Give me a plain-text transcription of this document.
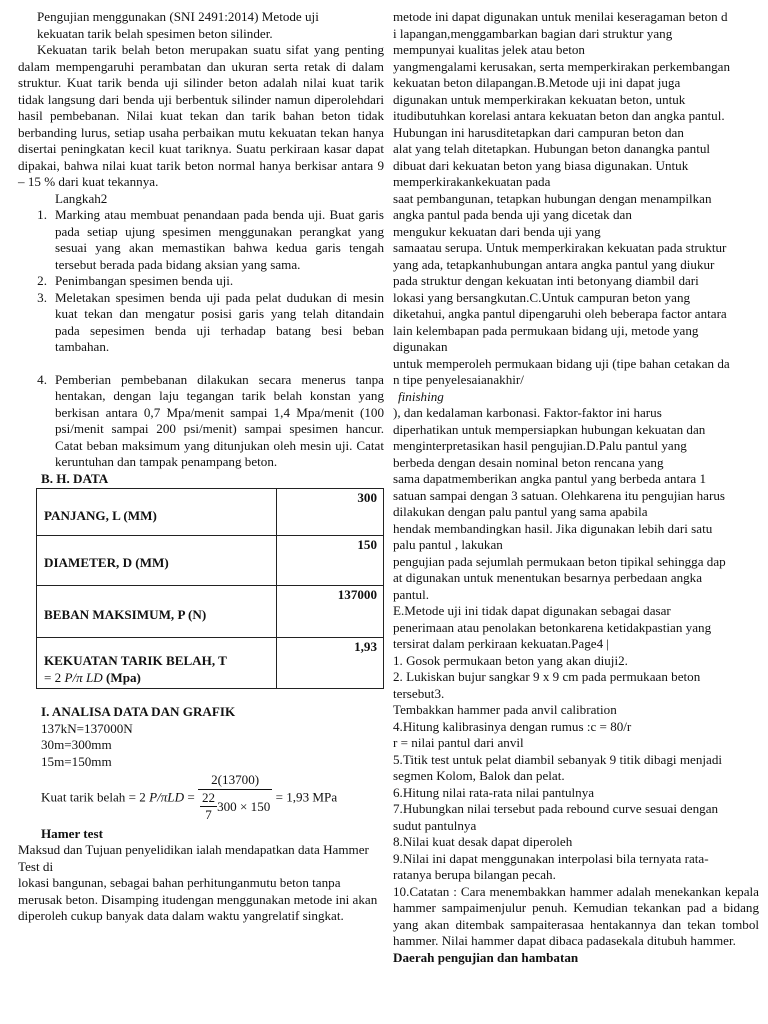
Pengujian menggunakan (SNI 2491:2014) Metode uji

kekuatan tarik belah spesimen beton silinder.

Kekuatan tarik belah beton merupakan suatu sifat yang penting dalam mempengaruhi perambatan dan ukuran serta retak di dalam struktur. Kuat tarik benda uji silinder beton adalah nilai kuat tarik tidak langsung dari benda uji berbentuk silinder namun diperolehdari hasil pembebanan. Nilai kuat tekan dan tarik bahan beton tidak berbanding lurus, setiap usaha perbaikan mutu kekuatan tekan hanya disertai peningkatan kecil kuat tariknya. Suatu perkiraan kasar dapat dipakai, bahwa nilai kuat tarik beton normal hanya berkisar antara 9 – 15 % dari kuat tekannya.

Langkah2

1. Marking atau membuat penandaan pada benda uji. Buat garis pada setiap ujung spesimen menggunakan perangkat yang sesuai yang akan memastikan bahwa kedua garis tengah tersebut berada pada bidang aksian yang sama.
2. Penimbangan spesimen benda uji.
3. Meletakan spesimen benda uji pada pelat dudukan di mesin kuat tekan dan mengatur posisi garis yang telah ditandain pada sepesimen benda uji terhadap batang besi beban tambahan.
4. Pemberian pembebanan dilakukan secara menerus tanpa hentakan, dengan laju tegangan tarik belah konstan yang berkisan antara 0,7 Mpa/menit sampai 1,4 Mpa/menit (100 psi/menit sampai 200 psi/menit) sampai spesimen hancur. Catat beban maksimum yang ditunjukan oleh mesin uji. Catat keruntuhan dan tampak penampang beton.

B. H. DATA

PANJANG, L (MM)	300
DIAMETER, D (MM)	150
BEBAN MAKSIMUM, P (N)	137000
KEKUATAN TARIK BELAH, T
= 2 P/π LD (Mpa)	1,93

I. ANALISA DATA DAN GRAFIK

137kN=137000N

30m=300mm

15m=150mm

Kuat tarik belah = 2 $P/\pi LD = \frac{2(13700)}{\frac{22}{7} 300 \times 150} = 1,93$ MPa

Hamer test

Maksud dan Tujuan penyelidikan ialah mendapatkan data Hammer Test di

lokasi bangunan, sebagai bahan perhitunganmutu beton tanpa merusak beton. Disamping itudengan menggunakan metode ini akan diperoleh cukup banyak data dalam waktu yangrelatif singkat.

metode ini dapat digunakan untuk menilai keseragaman beton d

i lapangan,menggambarkan bagian dari struktur yang

mempunyai kualitas jelek atau beton

yangmengalami kerusakan, serta memperkirakan perkembangan

kekuatan beton dilapangan.B.Metode uji ini dapat juga

digunakan untuk memperkirakan kekuatan beton, untuk

itudibutuhkan korelasi antara kekuatan beton dan angka pantul.

Hubungan ini harusditetapkan dari campuran beton dan

alat yang telah ditetapkan. Hubungan beton danangka pantul

dibuat dari kekuatan beton yang biasa digunakan. Untuk

memperkirakankekuatan pada

saat pembangunan, tetapkan hubungan dengan menampilkan

angka pantul pada benda uji yang dicetak dan

mengukur kekuatan dari benda uji yang

samaatau serupa. Untuk memperkirakan kekuatan pada struktur

yang ada, tetapkanhubungan antara angka pantul yang diukur

pada struktur dengan kekuatan inti betonyang diambil dari

lokasi yang bersangkutan.C.Untuk campuran beton yang

diketahui, angka pantul dipengaruhi oleh beberapa factor antara

lain kelembapan pada permukaan bidang uji, metode yang

digunakan

untuk memperoleh permukaan bidang uji (tipe bahan cetakan da

n tipe penyelesaianakhir/

finishing

), dan kedalaman karbonasi. Faktor-faktor ini harus

diperhatikan untuk mempersiapkan hubungan kekuatan dan

menginterpretasikan hasil pengujian.D.Palu pantul yang

berbeda dengan desain nominal beton rencana yang

sama dapatmemberikan angka pantul yang berbeda antara 1

satuan sampai dengan 3 satuan. Olehkarena itu pengujian harus

dilakukan dengan palu pantul yang sama apabila

hendak membandingkan hasil. Jika digunakan lebih dari satu

palu pantul , lakukan

pengujian pada sejumlah permukaan beton tipikal sehingga dap

at digunakan untuk menentukan besarnya perbedaan angka

pantul.

E.Metode uji ini tidak dapat digunakan sebagai dasar

penerimaan atau penolakan betonkarena ketidakpastian yang

tersirat dalam perkiraan kekuatan.Page4 |

1. Gosok permukaan beton yang akan diuji2.

2. Lukiskan bujur sangkar 9 x 9 cm pada permukaan beton

tersebut3.

Tembakkan hammer pada anvil calibration

4.Hitung kalibrasinya dengan rumus :c = 80/r

r = nilai pantul dari anvil

5.Titik test untuk pelat diambil sebanyak 9 titik dibagi menjadi

segmen Kolom, Balok dan pelat.

6.Hitung nilai rata-rata nilai pantulnya

7.Hubungkan nilai tersebut pada rebound curve sesuai dengan

sudut pantulnya

8.Nilai kuat desak dapat diperoleh

9.Nilai ini dapat menggunakan interpolasi bila ternyata rata-

ratanya berupa bilangan pecah.

10.Catatan : Cara menembakkan hammer adalah menekankan kepala hammer sampaimenjulur penuh. Kemudian tekankan pad a bidang yang akan ditembak sampaiterasaa hentakannya dan tekan tombol hammer. Nilai hammer dapat dibaca padasekala ditubuh hammer.

Daerah pengujian dan hambatan
